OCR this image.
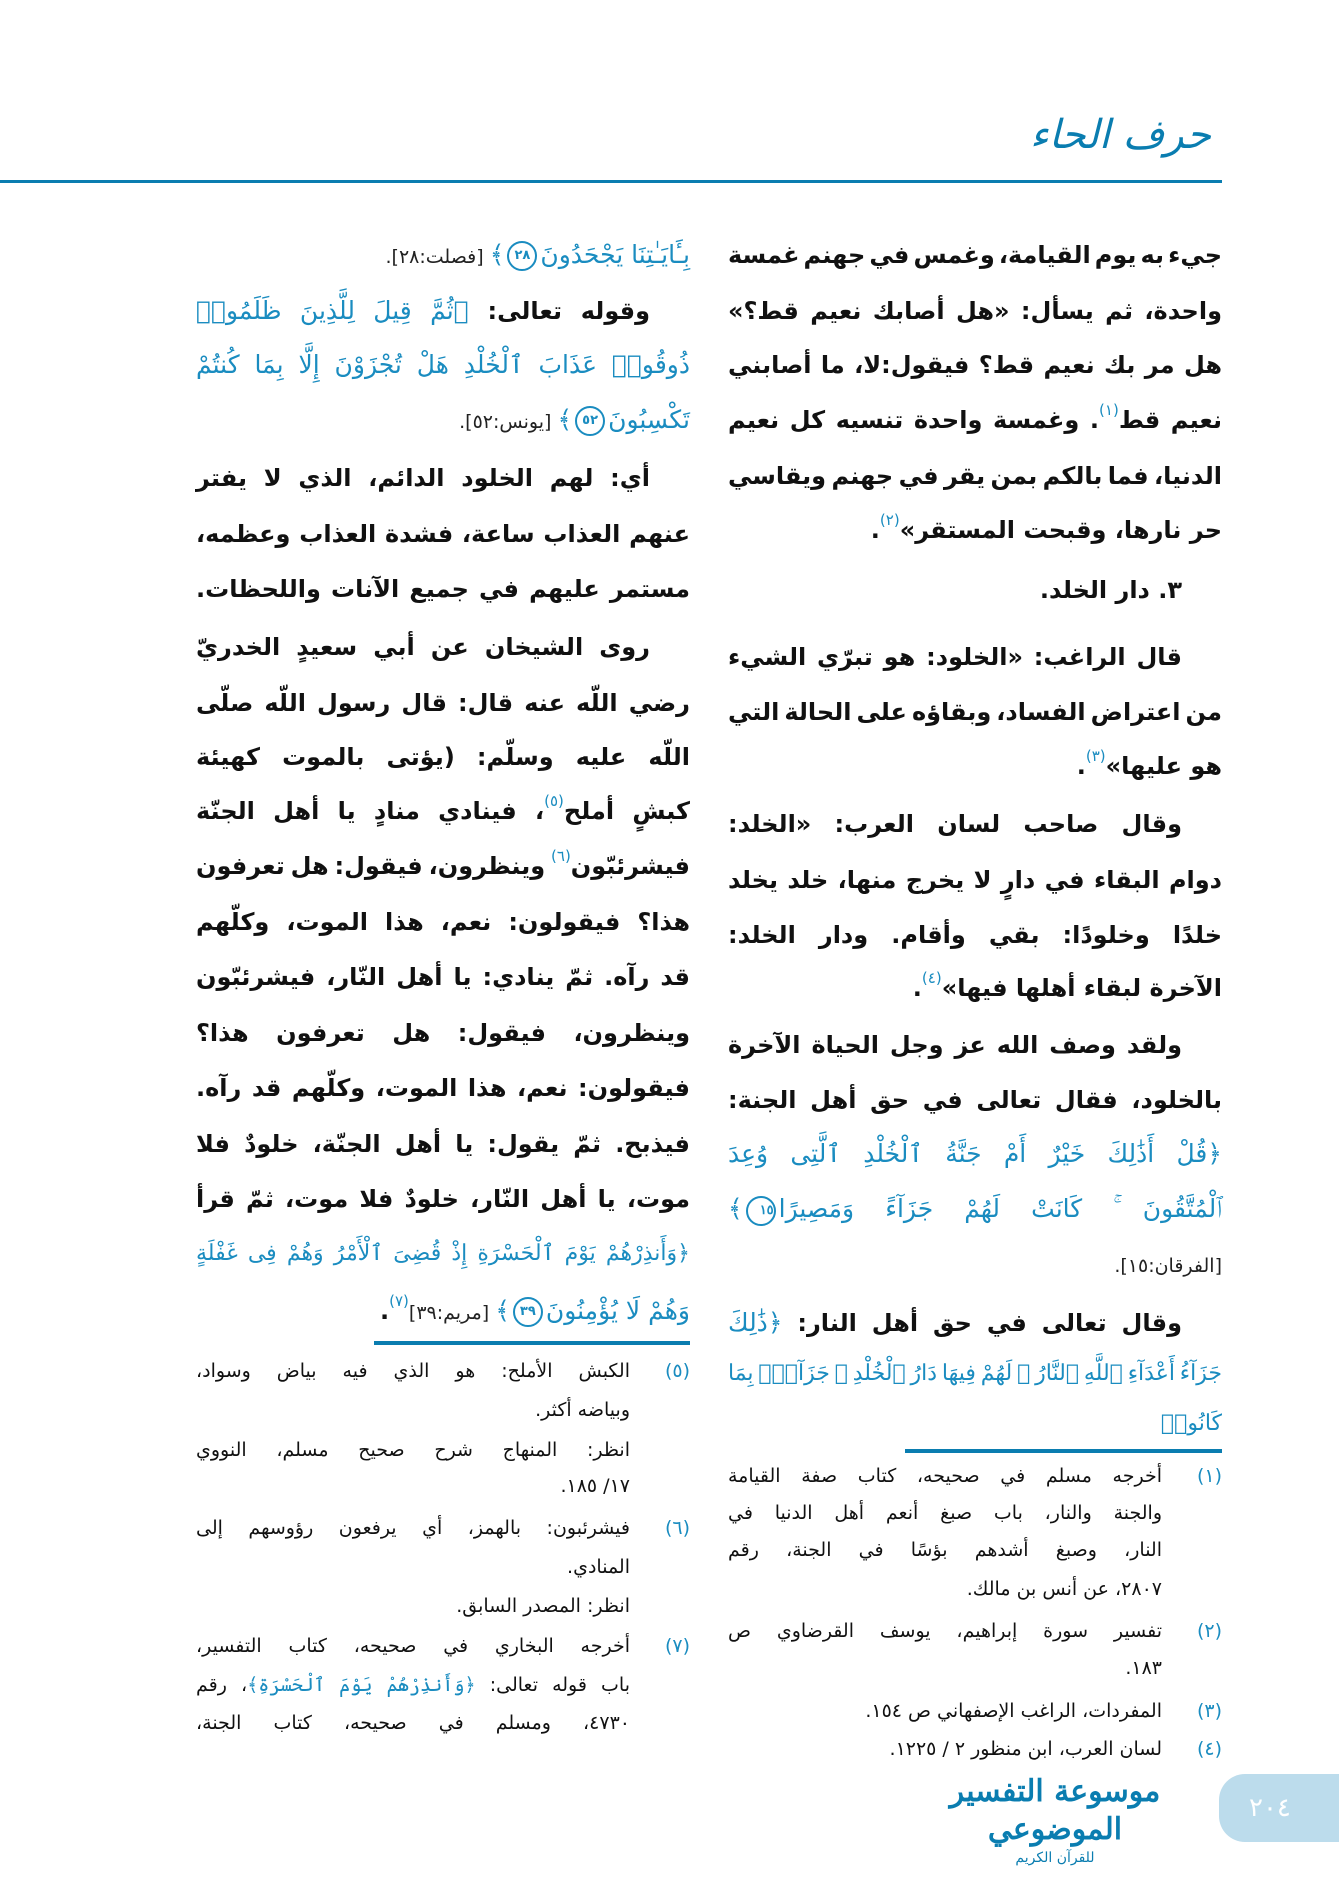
حرف الحاء
جيء به يوم القيامة، وغمس في جهنم غمسة
واحدة، ثم يسأل: «هل أصابك نعيم قط؟»
هل مر بك نعيم قط؟ فيقول:لا، ما أصابني
نعيم قط$^{(١)}$. وغمسة واحدة تنسيه كل نعيم
الدنيا، فما بالكم بمن يقر في جهنم ويقاسي
حر نارها، وقبحت المستقر»$^{(٢)}$.
٣. دار الخلد.
قال الراغب: «الخلود: هو تبرّي الشيء
من اعتراض الفساد، وبقاؤه على الحالة التي
هو عليها»$^{(٣)}$.
وقال صاحب لسان العرب: «الخلد:
دوام البقاء في دارٍ لا يخرج منها، خلد يخلد
خلدًا وخلودًا: بقي وأقام. ودار الخلد:
الآخرة لبقاء أهلها فيها»$^{(٤)}$.
ولقد وصف الله عز وجل الحياة الآخرة
بالخلود، فقال تعالى في حق أهل الجنة:
﴿قُلْ أَذَٰلِكَ خَيْرٌ أَمْ جَنَّةُ ٱلْخُلْدِ ٱلَّتِى وُعِدَ
ٱلْمُتَّقُونَ ۚ كَانَتْ لَهُمْ جَزَآءً وَمَصِيرًا١٥﴾
[الفرقان:١٥].
وقال تعالى في حق أهل النار: ﴿ذَٰلِكَ
جَزَآءُ أَعْدَآءِ ٱللَّهِ ٱلنَّارُ ۖ لَهُمْ فِيهَا دَارُ ٱلْخُلْدِ ۖ جَزَآءًۢ بِمَا كَانُوا۟
(١)
أخرجه مسلم في صحيحه، كتاب صفة القيامة
والجنة والنار، باب صبغ أنعم أهل الدنيا في
النار، وصبغ أشدهم بؤسًا في الجنة، رقم
٢٨٠٧، عن أنس بن مالك.
(٢)
تفسير سورة إبراهيم، يوسف القرضاوي ص
١٨٣.
(٣)
المفردات، الراغب الإصفهاني ص ١٥٤.
(٤)
لسان العرب، ابن منظور ٢ / ١٢٢٥.
بِـَٔايَـٰتِنَا يَجْحَدُونَ٢٨﴾ [فصلت:٢٨].
وقوله تعالى: ﴿ثُمَّ قِيلَ لِلَّذِينَ ظَلَمُوا۟
ذُوقُوا۟ عَذَابَ ٱلْخُلْدِ هَلْ تُجْزَوْنَ إِلَّا بِمَا كُنتُمْ
تَكْسِبُونَ٥٢﴾ [يونس:٥٢].
أي: لهم الخلود الدائم، الذي لا يفتر
عنهم العذاب ساعة، فشدة العذاب وعظمه،
مستمر عليهم في جميع الآنات واللحظات.
روى الشيخان عن أبي سعيدٍ الخدريّ
رضي اللّه عنه قال: قال رسول اللّه صلّى
اللّه عليه وسلّم: (يؤتى بالموت كهيئة
كبشٍ أملح$^{(٥)}$، فينادي منادٍ يا أهل الجنّة
فيشرئبّون$^{(٦)}$ وينظرون، فيقول: هل تعرفون
هذا؟ فيقولون: نعم، هذا الموت، وكلّهم
قد رآه. ثمّ ينادي: يا أهل النّار، فيشرئبّون
وينظرون، فيقول: هل تعرفون هذا؟
فيقولون: نعم، هذا الموت، وكلّهم قد رآه.
فيذبح. ثمّ يقول: يا أهل الجنّة، خلودٌ فلا
موت، يا أهل النّار، خلودٌ فلا موت، ثمّ قرأ
﴿وَأَنذِرْهُمْ يَوْمَ ٱلْحَسْرَةِ إِذْ قُضِىَ ٱلْأَمْرُ وَهُمْ فِى غَفْلَةٍ
وَهُمْ لَا يُؤْمِنُونَ٣٩﴾ [مريم:٣٩]$^{(٧)}$.
(٥)
الكبش الأملح: هو الذي فيه بياض وسواد،
وبياضه أكثر.
انظر: المنهاج شرح صحيح مسلم، النووي
١٧/ ١٨٥.
(٦)
فيشرئبون: بالهمز، أي يرفعون رؤوسهم إلى
المنادي.
انظر: المصدر السابق.
(٧)
أخرجه البخاري في صحيحه، كتاب التفسير،
باب قوله تعالى: ﴿وَأَنذِرْهُمْ يَوْمَ ٱلْحَسْرَةِ﴾، رقم
٤٧٣٠، ومسلم في صحيحه، كتاب الجنة،
موسوعة التفسير الموضوعي
للقرآن الكريم
٢٠٤
